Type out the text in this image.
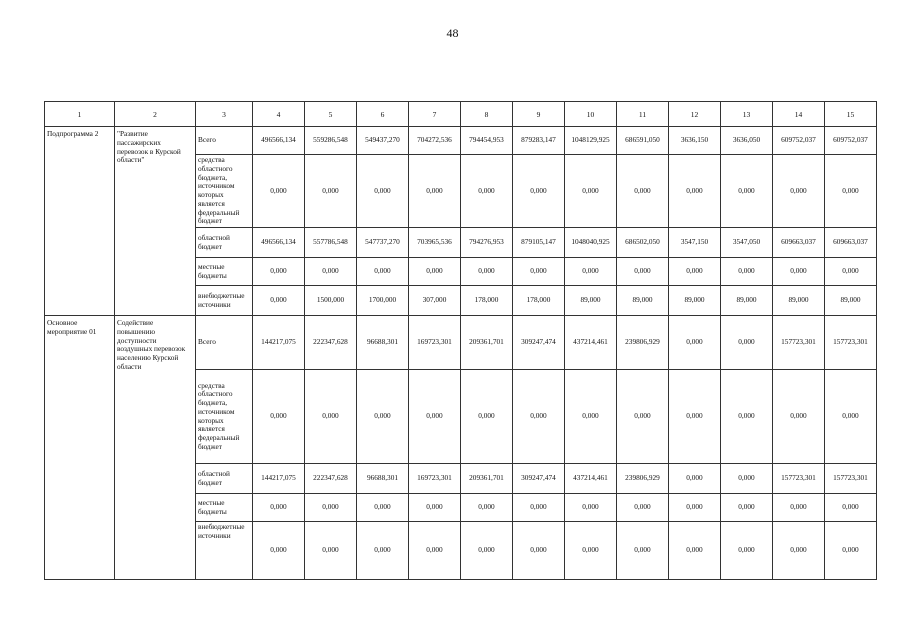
48
1	2	3	4	5	6	7	8	9	10	11	12	13	14	15
Подпрограмма 2	"Развитие пассажирских перевозок в Курской области"	Всего	496566,134	559286,548	549437,270	704272,536	794454,953	879283,147	1048129,925	686591,050	3636,150	3636,050	609752,037	609752,037
		средства областного бюджета, источником которых является федеральный бюджет	0,000	0,000	0,000	0,000	0,000	0,000	0,000	0,000	0,000	0,000	0,000	0,000
		областной бюджет	496566,134	557786,548	547737,270	703965,536	794276,953	879105,147	1048040,925	686502,050	3547,150	3547,050	609663,037	609663,037
		местные бюджеты	0,000	0,000	0,000	0,000	0,000	0,000	0,000	0,000	0,000	0,000	0,000	0,000
		внебюджетные источники	0,000	1500,000	1700,000	307,000	178,000	178,000	89,000	89,000	89,000	89,000	89,000	89,000
Основное мероприятие 01	Содействие повышению доступности воздушных перевозок населению Курской области	Всего	144217,075	222347,628	96688,301	169723,301	209361,701	309247,474	437214,461	239806,929	0,000	0,000	157723,301	157723,301
		средства областного бюджета, источником которых является федеральный бюджет	0,000	0,000	0,000	0,000	0,000	0,000	0,000	0,000	0,000	0,000	0,000	0,000
		областной бюджет	144217,075	222347,628	96688,301	169723,301	209361,701	309247,474	437214,461	239806,929	0,000	0,000	157723,301	157723,301
		местные бюджеты	0,000	0,000	0,000	0,000	0,000	0,000	0,000	0,000	0,000	0,000	0,000	0,000
		внебюджетные источники	0,000	0,000	0,000	0,000	0,000	0,000	0,000	0,000	0,000	0,000	0,000	0,000
